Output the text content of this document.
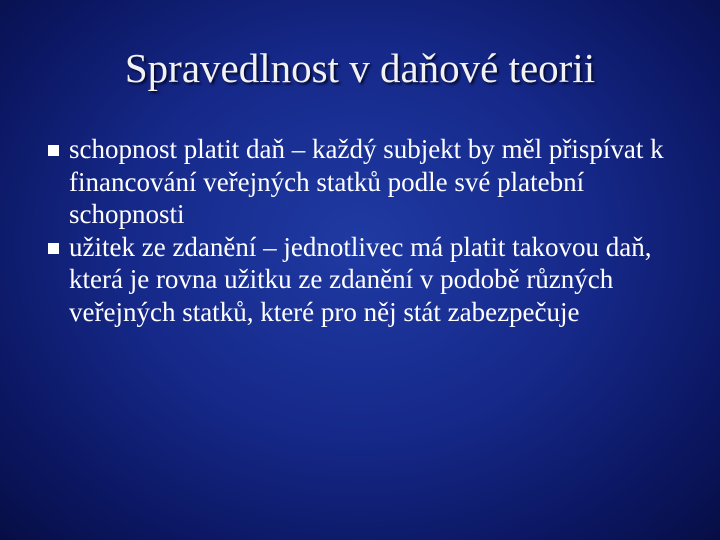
Spravedlnost v daňové teorii
schopnost platit daň – každý subjekt by měl přispívat k financování veřejných statků podle své platební schopnosti
užitek ze zdanění – jednotlivec má platit takovou daň, která je rovna užitku ze zdanění v podobě různých veřejných statků, které pro něj stát zabezpečuje
